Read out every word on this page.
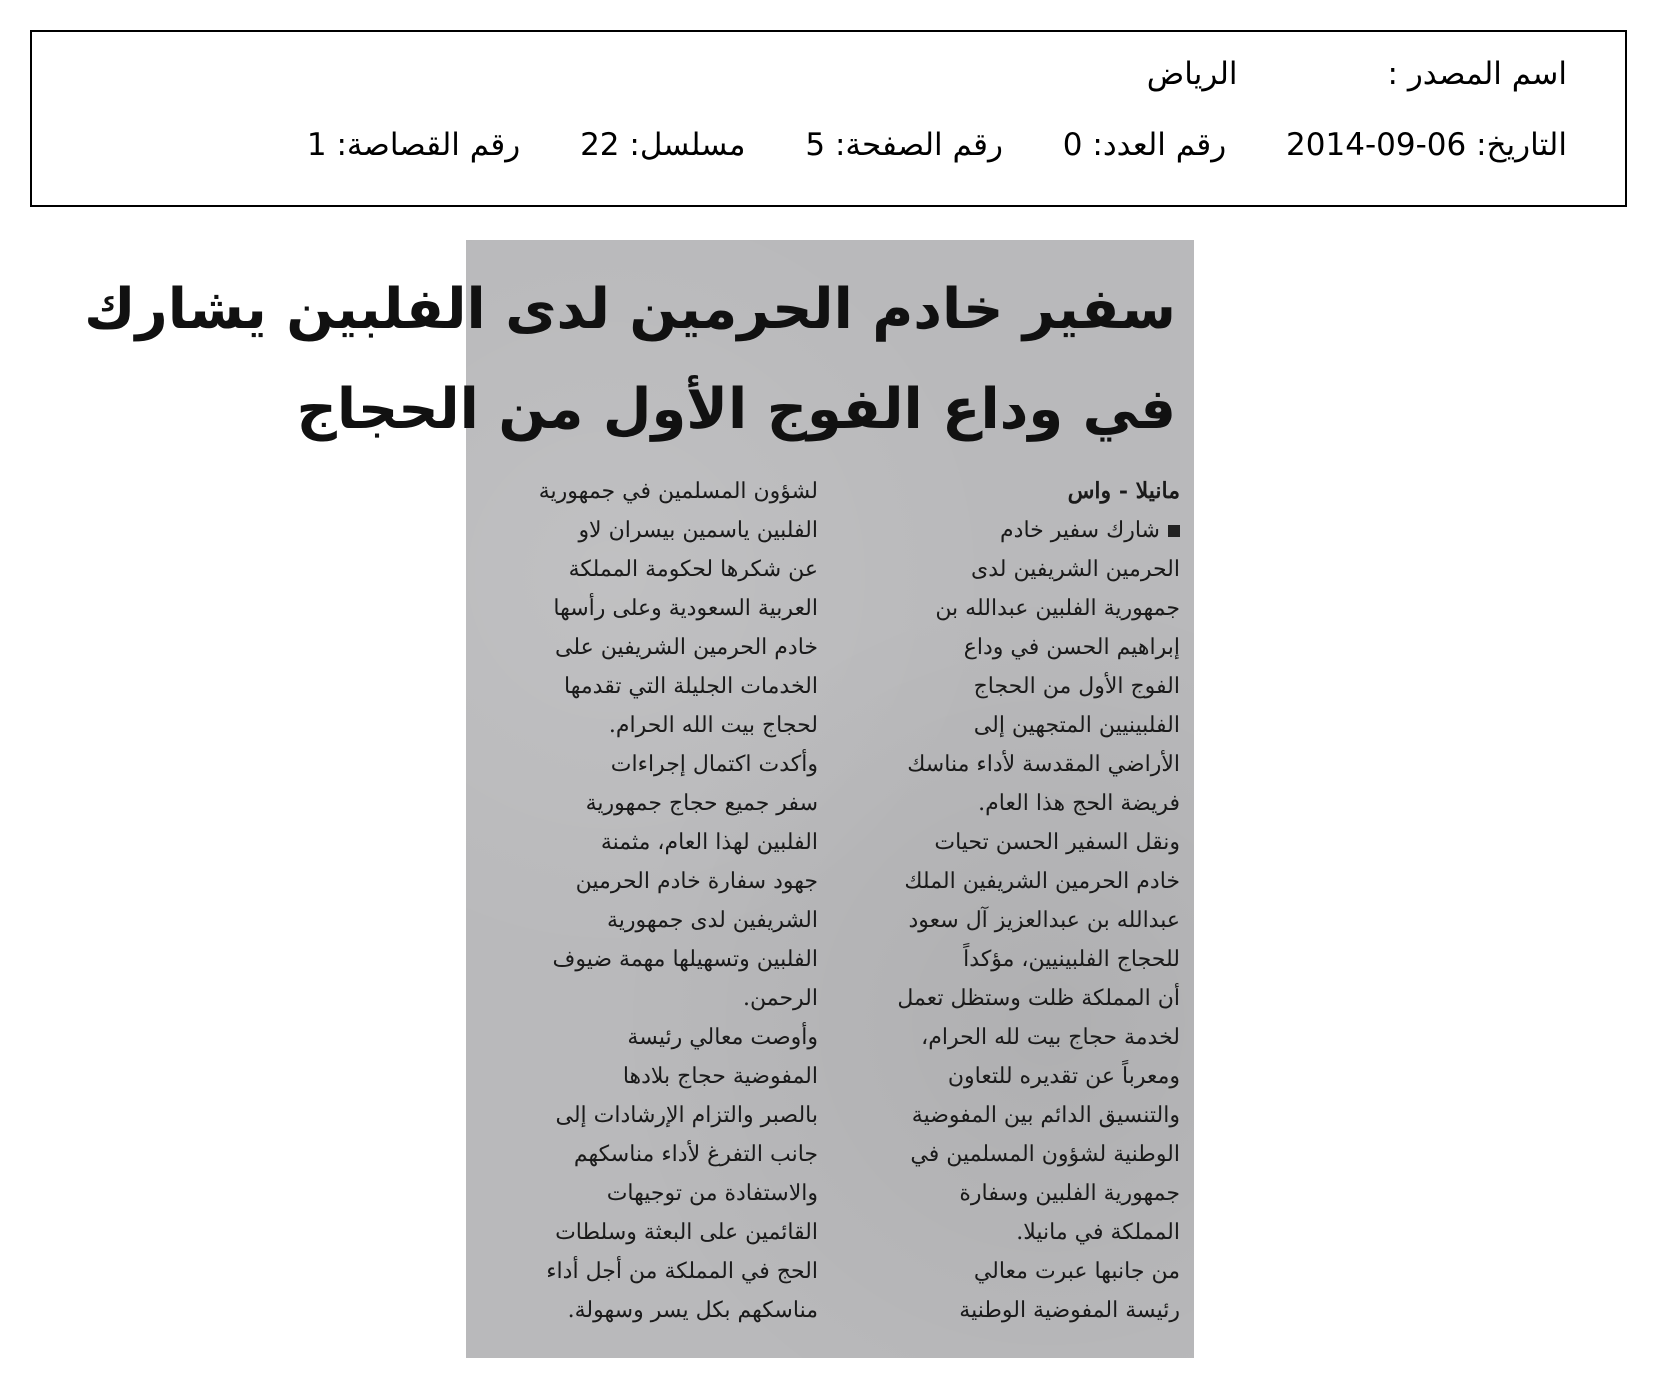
اسم المصدر :الرياض
التاريخ: 2014-09-06 رقم العدد: 0 رقم الصفحة: 5 مسلسل: 22 رقم القصاصة: 1
سفير خادم الحرمين لدى الفلبين يشارك
في وداع الفوج الأول من الحجاج
مانيلا - واس
شارك سفير خادم
الحرمين الشريفين لدى
جمهورية الفلبين عبدالله بن
إبراهيم الحسن في وداع
الفوج الأول من الحجاج
الفلبينيين المتجهين إلى
الأراضي المقدسة لأداء مناسك
فريضة الحج هذا العام.
ونقل السفير الحسن تحيات
خادم الحرمين الشريفين الملك
عبدالله بن عبدالعزيز آل سعود
للحجاج الفلبينيين، مؤكداً
أن المملكة ظلت وستظل تعمل
لخدمة حجاج بيت لله الحرام،
ومعرباً عن تقديره للتعاون
والتنسيق الدائم بين المفوضية
الوطنية لشؤون المسلمين في
جمهورية الفلبين وسفارة
المملكة في مانيلا.
من جانبها عبرت معالي
رئيسة المفوضية الوطنية
لشؤون المسلمين في جمهورية
الفلبين ياسمين بيسران لاو
عن شكرها لحكومة المملكة
العربية السعودية وعلى رأسها
خادم الحرمين الشريفين على
الخدمات الجليلة التي تقدمها
لحجاج بيت الله الحرام.
وأكدت اكتمال إجراءات
سفر جميع حجاج جمهورية
الفلبين لهذا العام، مثمنة
جهود سفارة خادم الحرمين
الشريفين لدى جمهورية
الفلبين وتسهيلها مهمة ضيوف
الرحمن.
وأوصت معالي رئيسة
المفوضية حجاج بلادها
بالصبر والتزام الإرشادات إلى
جانب التفرغ لأداء مناسكهم
والاستفادة من توجيهات
القائمين على البعثة وسلطات
الحج في المملكة من أجل أداء
مناسكهم بكل يسر وسهولة.
